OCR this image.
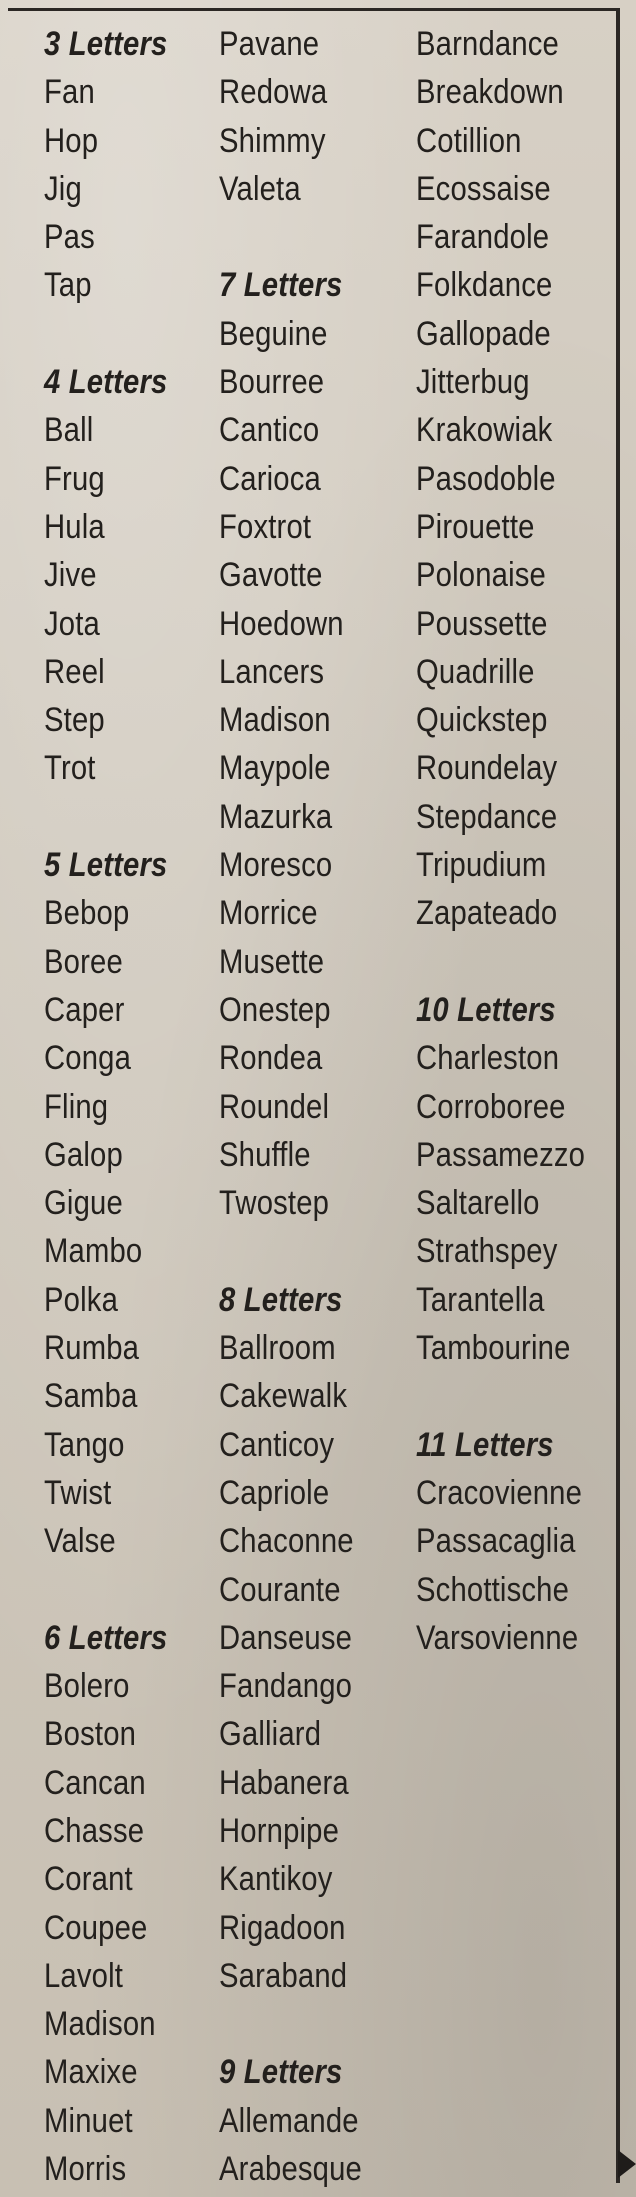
3 Letters
Fan
Hop
Jig
Pas
Tap
4 Letters
Ball
Frug
Hula
Jive
Jota
Reel
Step
Trot
5 Letters
Bebop
Boree
Caper
Conga
Fling
Galop
Gigue
Mambo
Polka
Rumba
Samba
Tango
Twist
Valse
6 Letters
Bolero
Boston
Cancan
Chasse
Corant
Coupee
Lavolt
Madison
Maxixe
Minuet
Morris
Pavane
Redowa
Shimmy
Valeta
7 Letters
Beguine
Bourree
Cantico
Carioca
Foxtrot
Gavotte
Hoedown
Lancers
Madison
Maypole
Mazurka
Moresco
Morrice
Musette
Onestep
Rondea
Roundel
Shuffle
Twostep
8 Letters
Ballroom
Cakewalk
Canticoy
Capriole
Chaconne
Courante
Danseuse
Fandango
Galliard
Habanera
Hornpipe
Kantikoy
Rigadoon
Saraband
9 Letters
Allemande
Arabesque
Barndance
Breakdown
Cotillion
Ecossaise
Farandole
Folkdance
Gallopade
Jitterbug
Krakowiak
Pasodoble
Pirouette
Polonaise
Poussette
Quadrille
Quickstep
Roundelay
Stepdance
Tripudium
Zapateado
10 Letters
Charleston
Corroboree
Passamezzo
Saltarello
Strathspey
Tarantella
Tambourine
11 Letters
Cracovienne
Passacaglia
Schottische
Varsovienne
